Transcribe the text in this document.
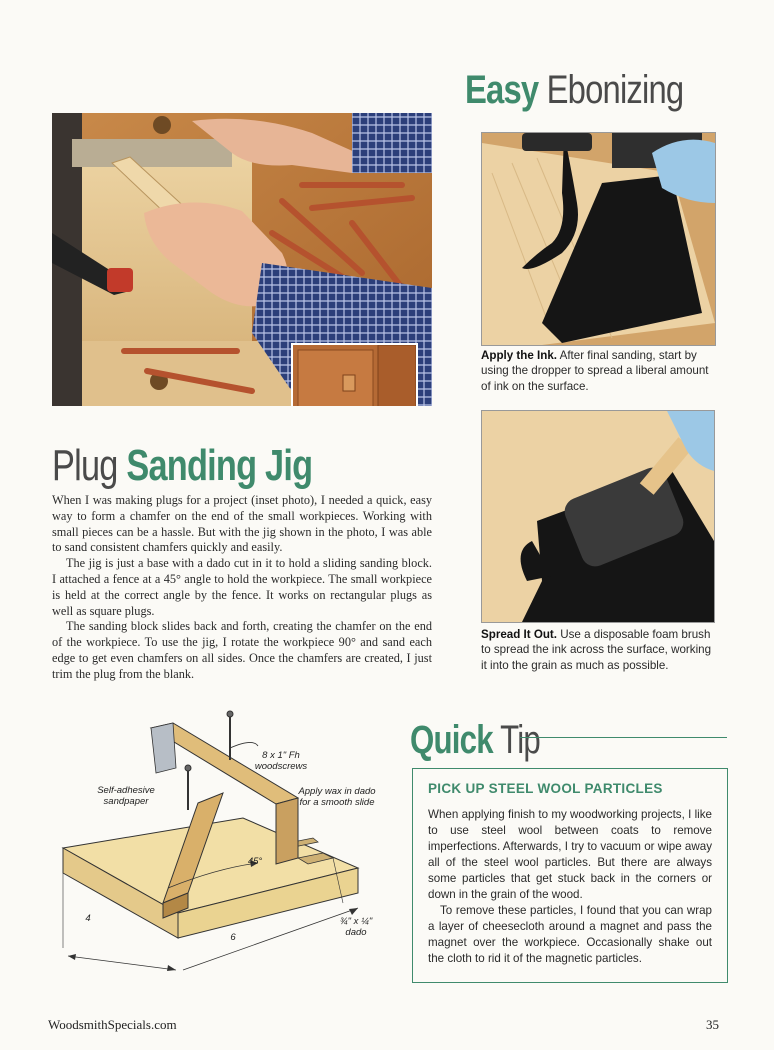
Easy Ebonizing
Apply the Ink. After final sanding, start by using the dropper to spread a liberal amount of ink on the surface.
Spread It Out. Use a disposable foam brush to spread the ink across the surface, working it into the grain as much as possible.
Plug Sanding Jig

When I was making plugs for a project (inset photo), I needed a quick, easy way to form a chamfer on the end of the small workpieces. Working with small pieces can be a hassle. But with the jig shown in the photo, I was able to sand consistent chamfers quickly and easily.

The jig is just a base with a dado cut in it to hold a sliding sanding block. I attached a fence at a 45° angle to hold the workpiece. The small workpiece is held at the correct angle by the fence. It works on rectangular plugs as well as square plugs.

The sanding block slides back and forth, creating the chamfer on the end of the workpiece. To use the jig, I rotate the workpiece 90° and sand each edge to get even chamfers on all sides. Once the chamfers are created, I just trim the plug from the blank.

8 x 1" Fh woodscrews
Self-adhesive sandpaper
Apply wax in dado for a smooth slide
45°
¾" x ¼" dado
6
4
Quick Tip
PICK UP STEEL WOOL PARTICLES

When applying finish to my woodworking projects, I like to use steel wool between coats to remove imperfections. Afterwards, I try to vacuum or wipe away all of the steel wool particles. But there are always some particles that get stuck back in the corners or down in the grain of the wood.

To remove these particles, I found that you can wrap a layer of cheesecloth around a magnet and pass the magnet over the workpiece. Occasionally shake out the cloth to rid it of the magnetic particles.

WoodsmithSpecials.com	35
